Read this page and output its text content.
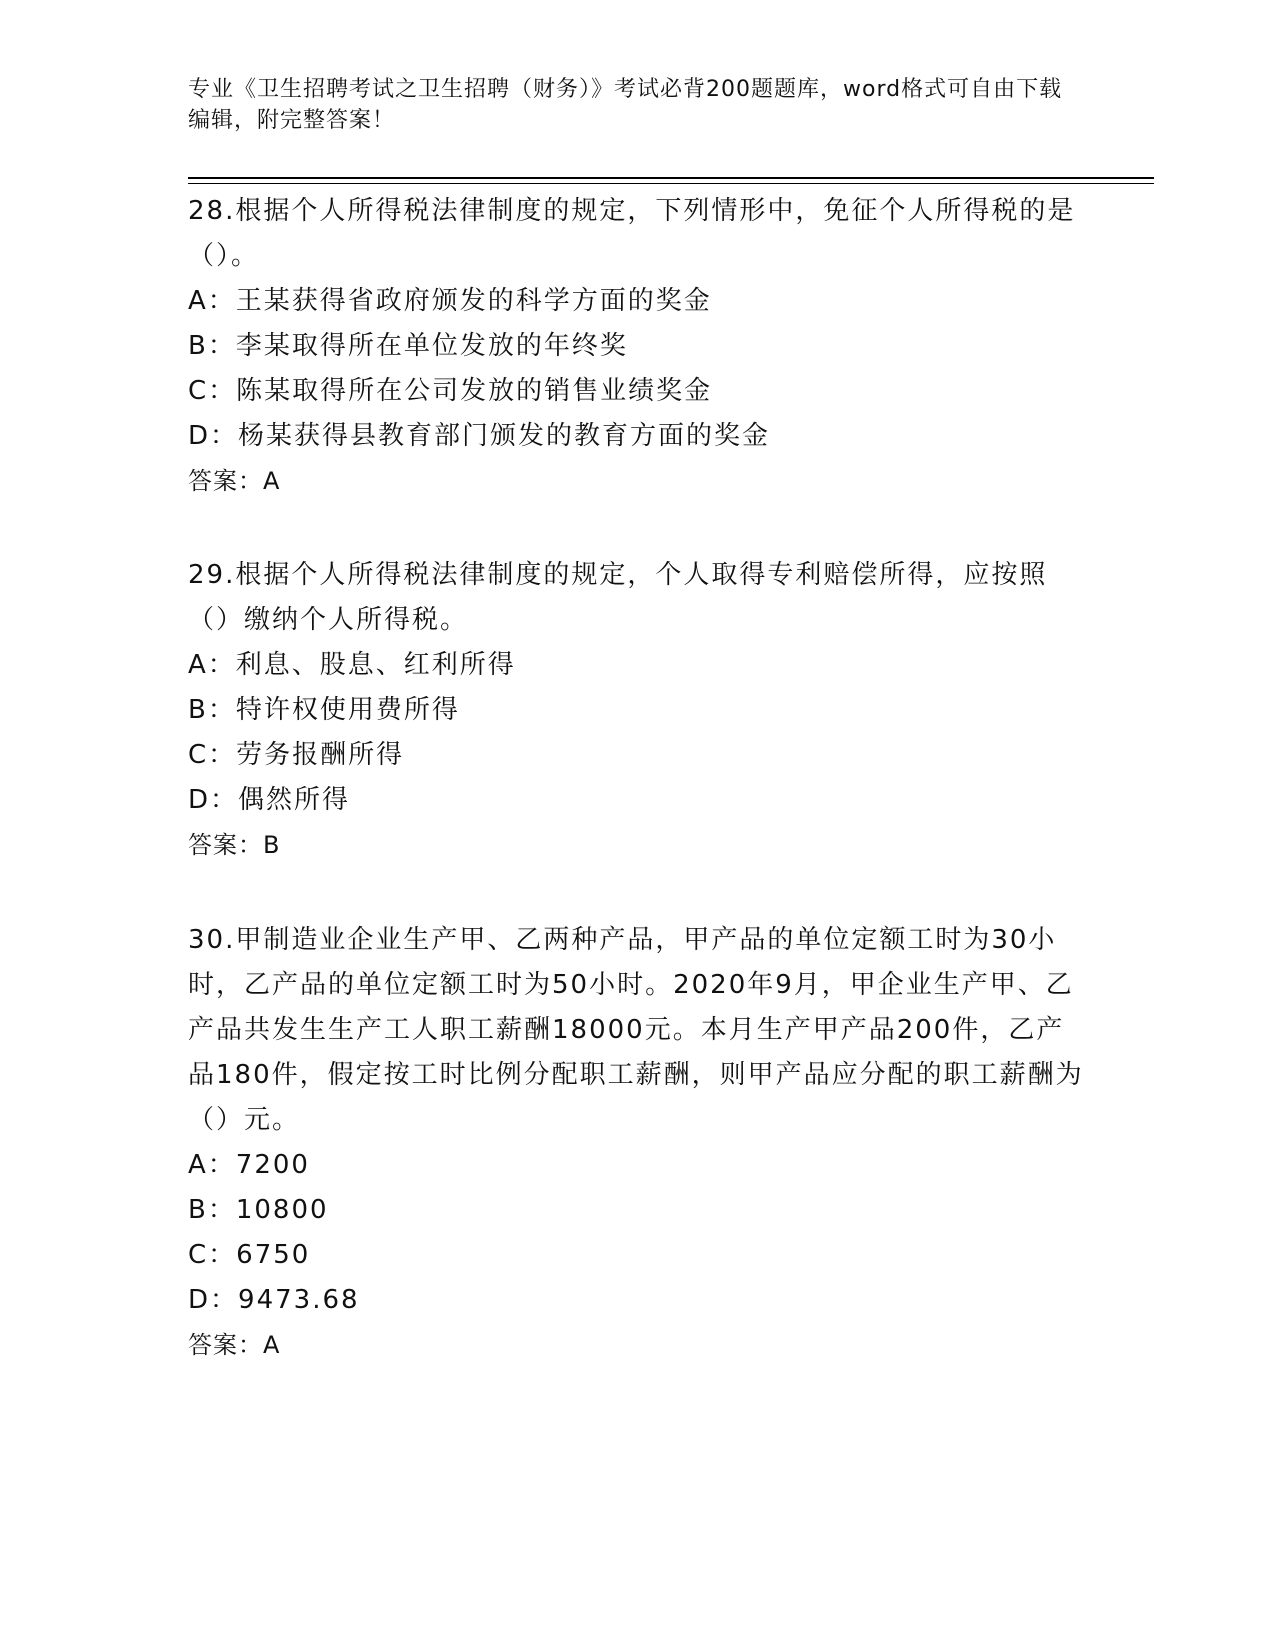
专业《卫生招聘考试之卫生招聘（财务）》考试必背200题题库，word格式可自由下载编辑，附完整答案！

28.根据个人所得税法律制度的规定，下列情形中，免征个人所得税的是（）。

A：王某获得省政府颁发的科学方面的奖金

B：李某取得所在单位发放的年终奖

C：陈某取得所在公司发放的销售业绩奖金

D：杨某获得县教育部门颁发的教育方面的奖金

答案：A

29.根据个人所得税法律制度的规定，个人取得专利赔偿所得，应按照（）缴纳个人所得税。

A：利息、股息、红利所得

B：特许权使用费所得

C：劳务报酬所得

D：偶然所得

答案：B

30.甲制造业企业生产甲、乙两种产品，甲产品的单位定额工时为30小时，乙产品的单位定额工时为50小时。2020年9月，甲企业生产甲、乙产品共发生生产工人职工薪酬18000元。本月生产甲产品200件，乙产品180件，假定按工时比例分配职工薪酬，则甲产品应分配的职工薪酬为（）元。

A：7200

B：10800

C：6750

D：9473.68

答案：A
